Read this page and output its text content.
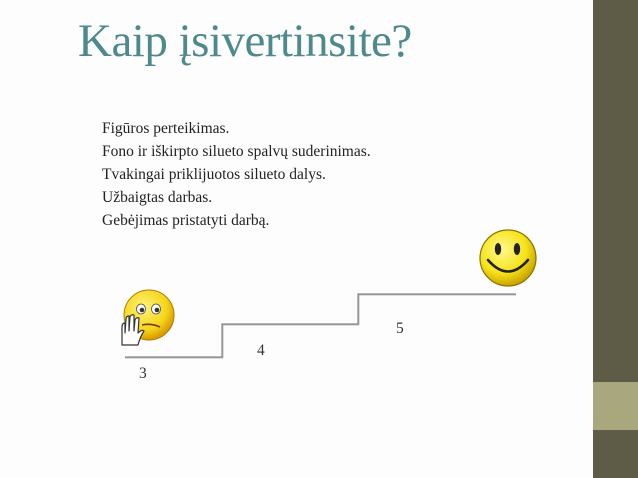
Kaip įsivertinsite?
Figūros perteikimas.
Fono ir iškirpto silueto spalvų suderinimas.
Tvakingai priklijuotos silueto dalys.
Užbaigtas darbas.
Gebėjimas pristatyti darbą.
3
4
5
